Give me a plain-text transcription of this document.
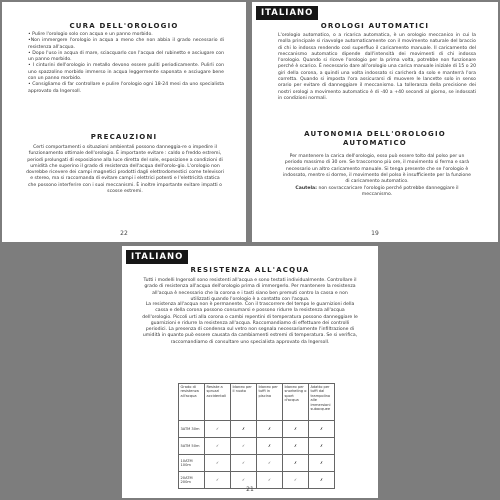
CURA DELL'OROLOGIO

• Pulire l'orologio solo con acqua e un panno morbido.

•Non immergere l'orologio in acqua a meno che non abbia il grado necessario di resistenza all'acqua.

• Dopo l'uso in acqua di mare, sciacquarlo con l'acqua del rubinetto e asciugare con un panno morbido.

• I cinturini dell'orologio in metallo devono essere puliti periodicamente. Pulirli con uno spazzolino morbido immerso in acqua leggermente saponata e asciugare bene con un panno morbido.

• Consigliamo di far controllare e pulire l'orologio ogni 18-24 mesi da uno specialista approvato da Ingersoll.

PRECAUZIONI

Certi comportamenti o situazioni ambientali possono danneggia-re o impedire il funzionamento ottimale dell'orologio. È importante evitare : caldo o freddo estremi, periodi prolungati di esposizione alla luce diretta del sole, esposizione a condizioni di umidità che superino il grado di resistenza dell'acqua dell'orolo-gio. L'orologio non dovrebbe ricevere dei campi magnetici prodotti dagli elettrodomestici come televisori e stereo, ma si raccomanda di evitare campi i elettrici potenti e l'elettricità statica che possono interferire con i suoi meccanismi. È inoltre importante evitare impatti o scosse estremi.

22
ITALIANO
OROLOGI AUTOMATICI

L'orologio automatico, o a ricarica automatica, è un orologio meccanico in cui la molla principale si riavvolge automaticamente con il movimento naturale del braccio di chi lo indossa rendendo così superfluo il caricamento manuale. Il caricamento del meccanismo automatico dipende dall'intensità dei movimenti di chi indossa l'orologio. Quando si riceve l'orologio per la prima volta, potrebbe non funzionare perché è scarico. È necessario dare all'orologio una carica manuale iniziale di 15 o 20 giri della corona, a quindi una volta indossato si caricherà da solo e manterrà l'ora corretta. Quando si imposta l'ora assicurarsi di muovere le lancette solo in senso orario per evitare di danneggiare il meccanismo. La tolleranza della precisione dei nostri orologi a movimento automatico è di -40 a +40 secondi al giorno, se indossati in condizioni normali.

AUTONOMIA DELL'OROLOGIO AUTOMATICO

Per mantenere la carica dell'orologio, esso può essere tolto dal polso per un periodo massimo di 30 ore. Se trascorrono più ore, il movimento si ferma e sarà necessario un altro caricamento manuale. Si tenga presente che se l'orologio è indossato, mentre si dorme, il movimento del polso è insufficiente per la funzione di caricamento automatico.

Cautela: non sovraccaricare l'orologio perché potrebbe danneggiare il meccanismo.

19
ITALIANO
RESISTENZA ALL'ACQUA

Tutti i modelli Ingersoll sono resistenti all'acqua e sono testati individualmente. Controllare il grado di resistenza all'acqua dell'orologio prima di immergerlo. Per mantenere la resistenza all'acqua è necessario che la corona e i tasti siano ben premuti contro la cassa e non utilizzati quando l'orologio è a contatto con l'acqua.

La resistenza all'acqua non è permanente. Con il trascorrere del tempo le guarnizioni della cassa e della corona possono consumarsi e possono ridurre la resistenza all'acqua dell'orologio. Piccoli urti alla corona o cambi repentini di temperatura possono danneggiare le guarnizioni e ridurre la resistenza all'acqua. Raccomandiamo di effettuare dei controlli periodici. La presenza di condensa sul vetro non segnala necessariamente l'infiltrazione di umidità in quanto può essere causata da cambiamenti estremi di temperatura. Se si verifica, raccomandiamo di consultare uno specialista approvato da Ingersoll.

Grado di resistenza all'acqua	Resiste a spruzzi accidentali	Idoneo per il nuoto	Idoneo per tuffi in piscina	Idoneo per snorkeling o sport d'acqua	Adatto per tuffi dal trampolino alle immersioni subacquee
3ATM 30m	✓	✗	✗	✗	✗
5ATM 50m	✓	✓	✗	✗	✗
10ATM 100m	✓	✓	✓	✗	✗
20ATM 200m	✓	✓	✓	✓	✗
21
